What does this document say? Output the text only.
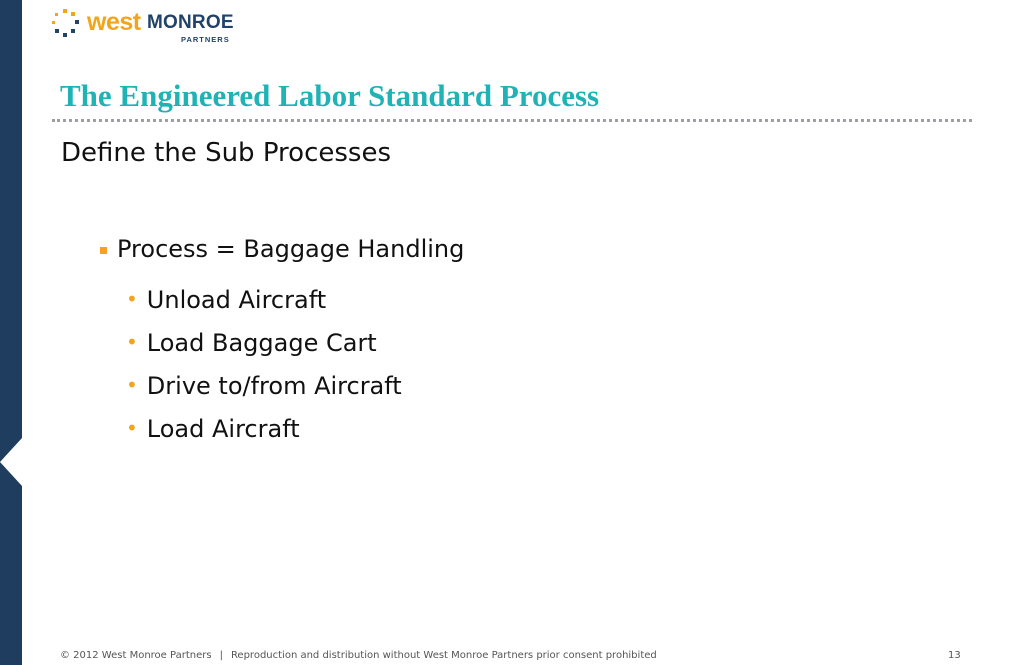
west MONROE
PARTNERS
The Engineered Labor Standard Process
Define the Sub Processes
Process = Baggage Handling
• Unload Aircraft
• Load Baggage Cart
• Drive to/from Aircraft
• Load Aircraft
© 2012 West Monroe Partners | Reproduction and distribution without West Monroe Partners prior consent prohibited	13
